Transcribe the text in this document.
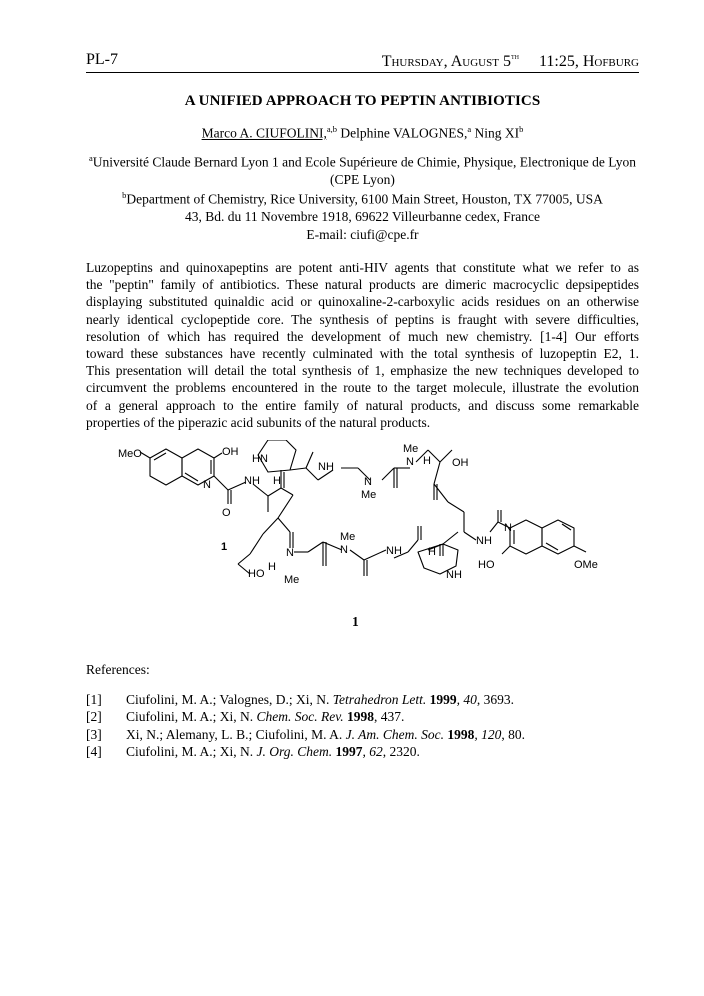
PL-7	Thursday, August 5th 11:25, Hofburg
A UNIFIED APPROACH TO PEPTIN ANTIBIOTICS
Marco A. CIUFOLINI,$^{a,b}$ Delphine VALOGNES,$^a$ Ning $XI^b$
$^a$Université Claude Bernard Lyon 1 and Ecole Supérieure de Chimie, Physique, Electronique de Lyon (CPE Lyon)
$^b$Department of Chemistry, Rice University, 6100 Main Street, Houston, TX 77005, USA
43, Bd. du 11 Novembre 1918, 69622 Villeurbanne cedex, France
E-mail: ciufi@cpe.fr
Luzopeptins and quinoxapeptins are potent anti-HIV agents that constitute what we refer to as
the "peptin" family of antibiotics. These natural products are dimeric macrocyclic depsipeptides
displaying substituted quinaldic acid or quinoxaline-2-carboxylic acids residues on an otherwise
nearly identical cyclopeptide core. The synthesis of peptins is fraught with severe difficulties,
resolution of which has required the development of much new chemistry. [1-4] Our efforts
toward these substances have recently culminated with the total synthesis of luzopeptin E2, 1.
This presentation will detail the total synthesis of 1, emphasize the new techniques developed to
circumvent the problems encountered in the route to the target molecule, illustrate the evolution
of a general approach to the entire family of natural products, and discuss some remarkable
properties of the piperazic acid subunits of the natural products.
MeO	OH
N
O
NH
HN
H
NH
N
Me
N
Me
H OH
NH
N
HO	OMe
H
NH
NH
N
Me
N
Me
H
HO
1
1
References:
[1] Ciufolini, M. A.; Valognes, D.; Xi, N. Tetrahedron Lett. 1999, 40, 3693.
[2] Ciufolini, M. A.; Xi, N. Chem. Soc. Rev. 1998, 437.
[3] Xi, N.; Alemany, L. B.; Ciufolini, M. A. J. Am. Chem. Soc. 1998, 120, 80.
[4] Ciufolini, M. A.; Xi, N. J. Org. Chem. 1997, 62, 2320.
